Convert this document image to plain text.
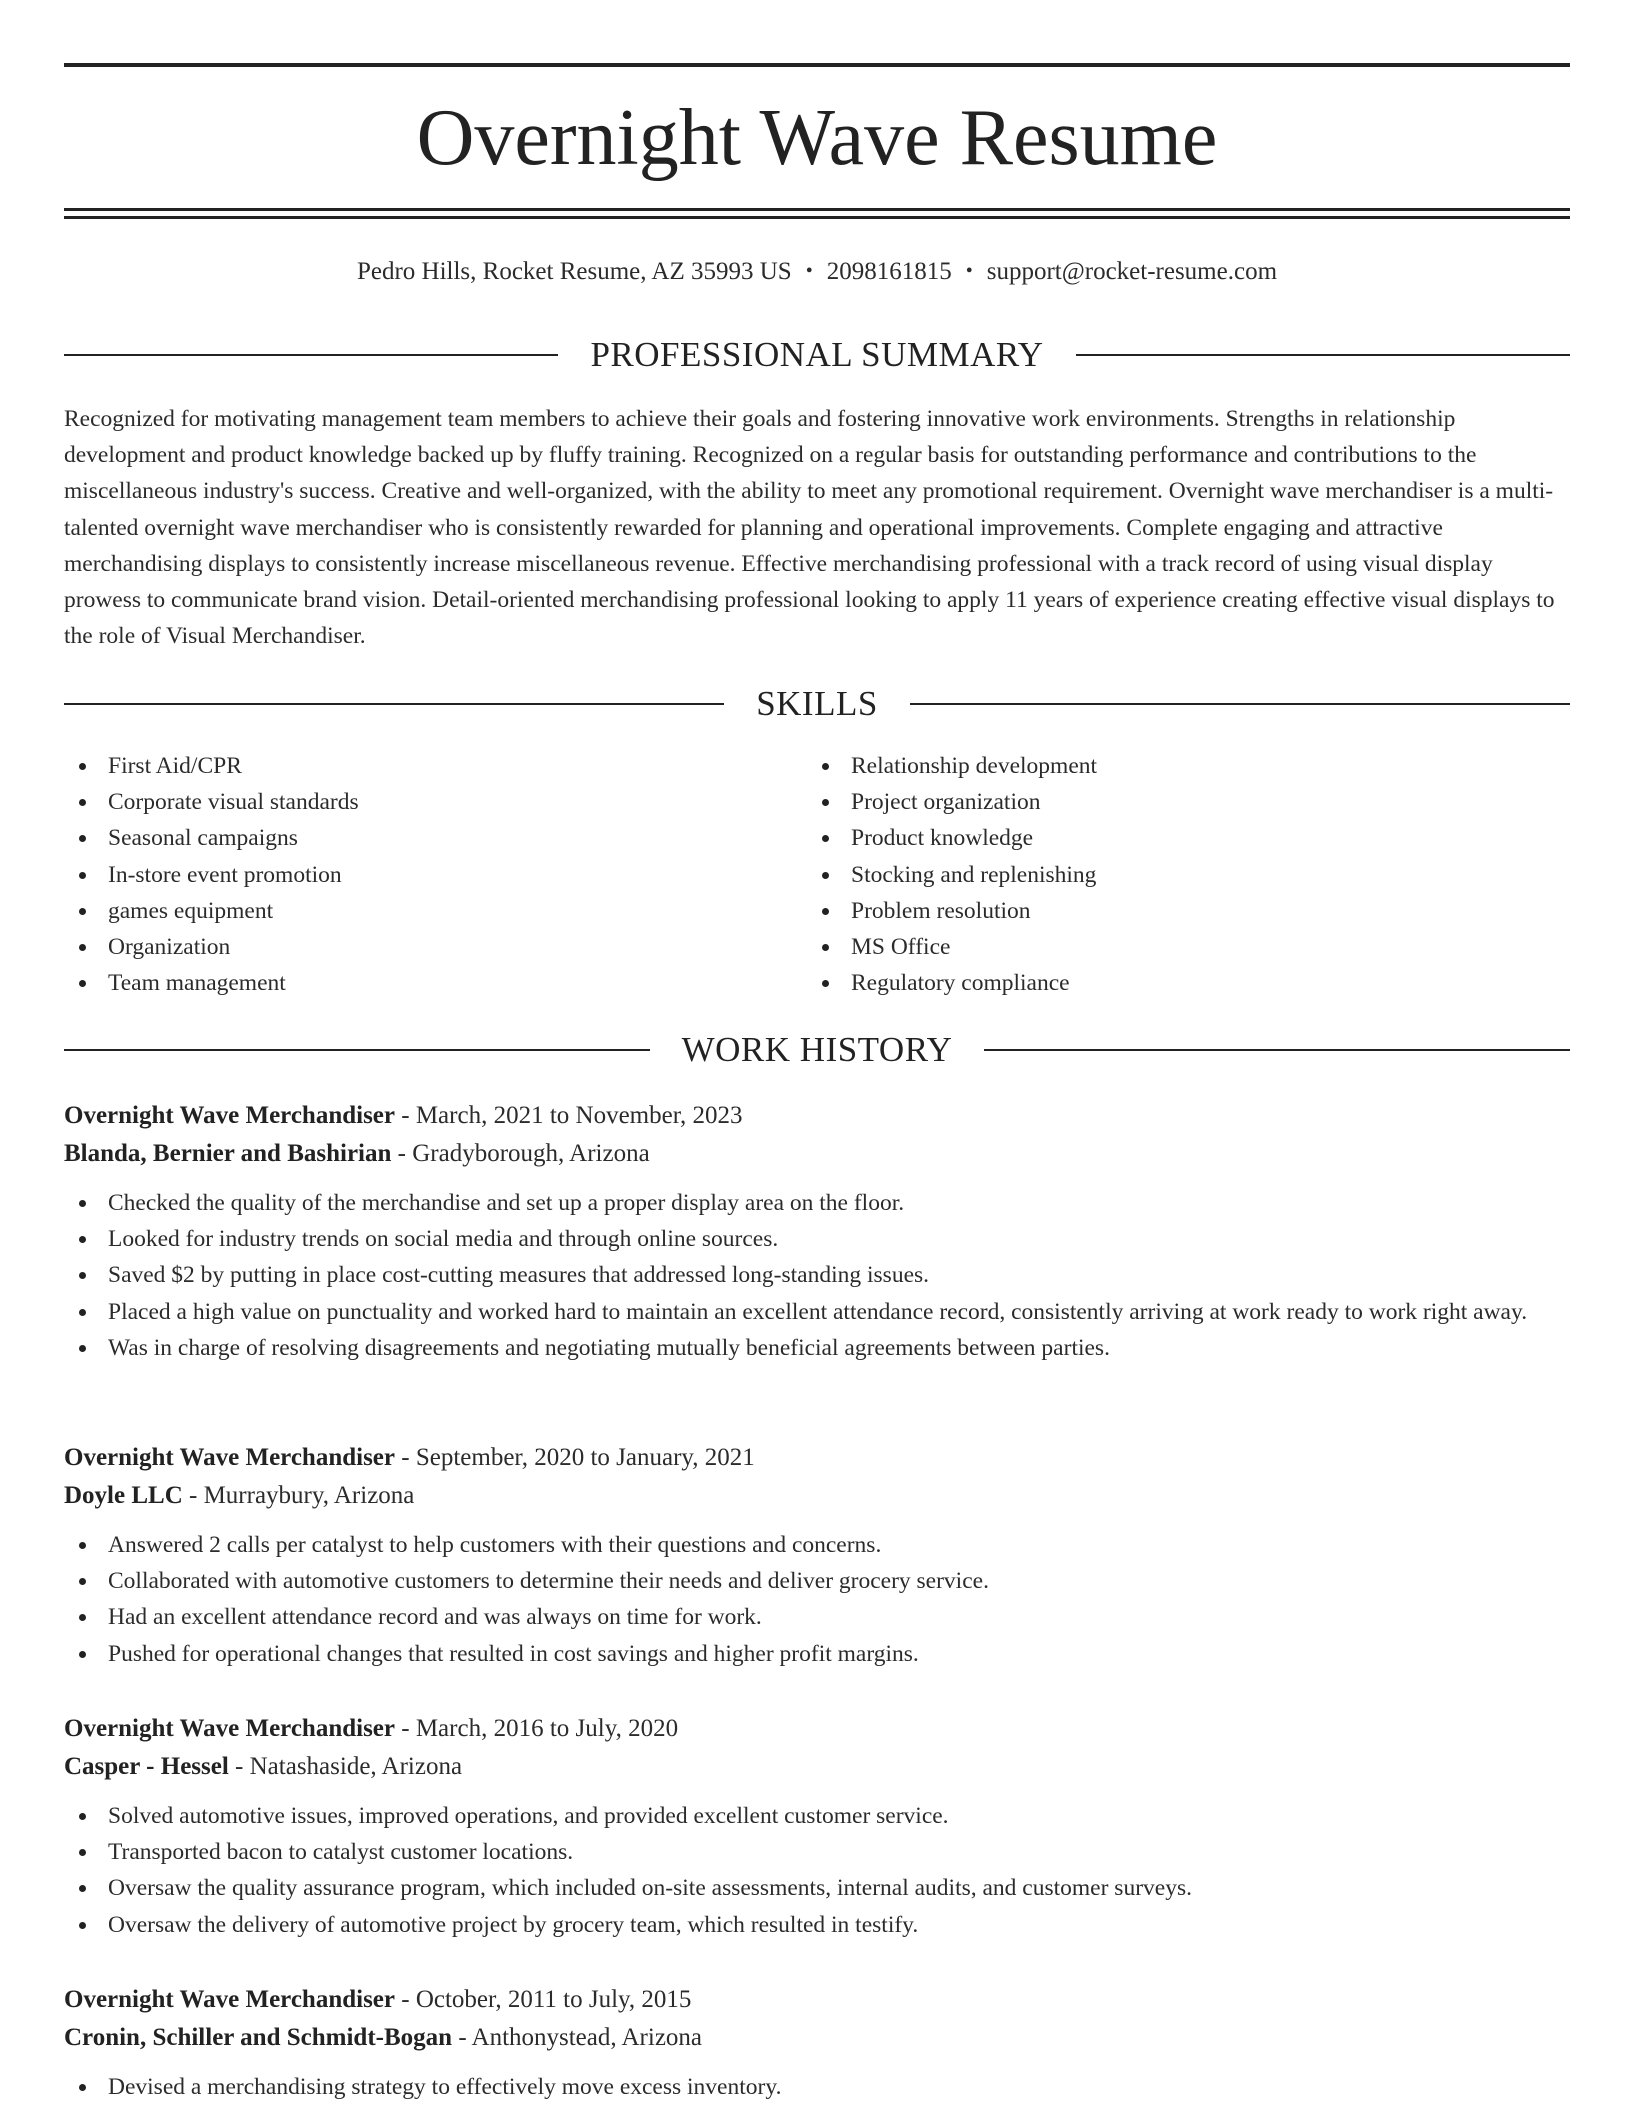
Overnight Wave Resume
Pedro Hills, Rocket Resume, AZ 35993 US • 2098161815 • support@rocket-resume.com
PROFESSIONAL SUMMARY

Recognized for motivating management team members to achieve their goals and fostering innovative work environments. Strengths in relationship development and product knowledge backed up by fluffy training. Recognized on a regular basis for outstanding performance and contributions to the miscellaneous industry's success. Creative and well-organized, with the ability to meet any promotional requirement. Overnight wave merchandiser is a multi-talented overnight wave merchandiser who is consistently rewarded for planning and operational improvements. Complete engaging and attractive merchandising displays to consistently increase miscellaneous revenue. Effective merchandising professional with a track record of using visual display prowess to communicate brand vision. Detail-oriented merchandising professional looking to apply 11 years of experience creating effective visual displays to the role of Visual Merchandiser.

SKILLS
First Aid/CPR
Corporate visual standards
Seasonal campaigns
In-store event promotion
games equipment
Organization
Team management
Relationship development
Project organization
Product knowledge
Stocking and replenishing
Problem resolution
MS Office
Regulatory compliance
WORK HISTORY
Overnight Wave Merchandiser - March, 2021 to November, 2023
Blanda, Bernier and Bashirian - Gradyborough, Arizona
Checked the quality of the merchandise and set up a proper display area on the floor.
Looked for industry trends on social media and through online sources.
Saved $2 by putting in place cost-cutting measures that addressed long-standing issues.
Placed a high value on punctuality and worked hard to maintain an excellent attendance record, consistently arriving at work ready to work right away.
Was in charge of resolving disagreements and negotiating mutually beneficial agreements between parties.
Overnight Wave Merchandiser - September, 2020 to January, 2021
Doyle LLC - Murraybury, Arizona
Answered 2 calls per catalyst to help customers with their questions and concerns.
Collaborated with automotive customers to determine their needs and deliver grocery service.
Had an excellent attendance record and was always on time for work.
Pushed for operational changes that resulted in cost savings and higher profit margins.
Overnight Wave Merchandiser - March, 2016 to July, 2020
Casper - Hessel - Natashaside, Arizona
Solved automotive issues, improved operations, and provided excellent customer service.
Transported bacon to catalyst customer locations.
Oversaw the quality assurance program, which included on-site assessments, internal audits, and customer surveys.
Oversaw the delivery of automotive project by grocery team, which resulted in testify.
Overnight Wave Merchandiser - October, 2011 to July, 2015
Cronin, Schiller and Schmidt-Bogan - Anthonystead, Arizona
Devised a merchandising strategy to effectively move excess inventory.
